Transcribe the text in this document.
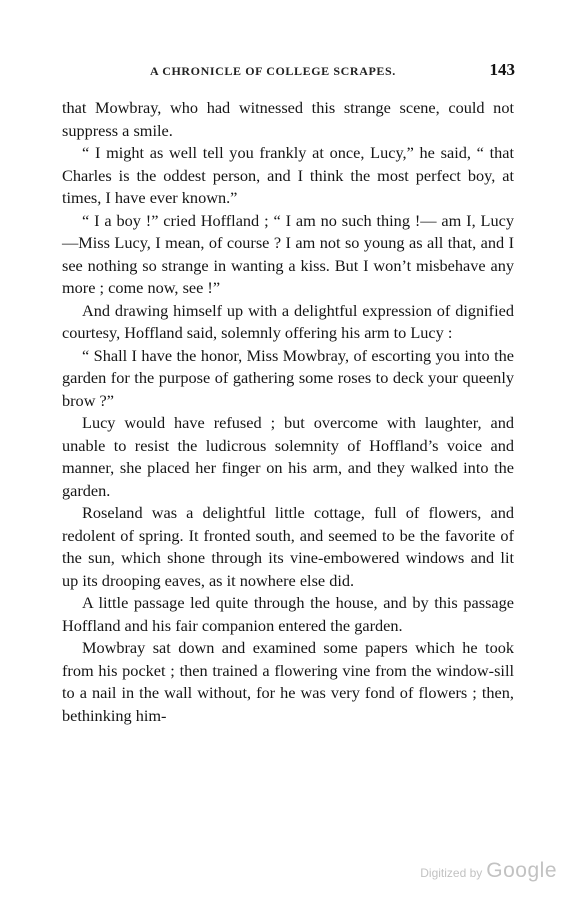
A CHRONICLE OF COLLEGE SCRAPES.	143

that Mowbray, who had witnessed this strange scene, could not suppress a smile.

“ I might as well tell you frankly at once, Lucy,” he said, “ that Charles is the oddest person, and I think the most perfect boy, at times, I have ever known.”

“ I a boy !” cried Hoffland ; “ I am no such thing !— am I, Lucy—Miss Lucy, I mean, of course ? I am not so young as all that, and I see nothing so strange in wanting a kiss. But I won’t misbehave any more ; come now, see !”

And drawing himself up with a delightful expression of dignified courtesy, Hoffland said, solemnly offering his arm to Lucy :

“ Shall I have the honor, Miss Mowbray, of escorting you into the garden for the purpose of gathering some roses to deck your queenly brow ?”

Lucy would have refused ; but overcome with laughter, and unable to resist the ludicrous solemnity of Hoffland’s voice and manner, she placed her finger on his arm, and they walked into the garden.

Roseland was a delightful little cottage, full of flowers, and redolent of spring. It fronted south, and seemed to be the favorite of the sun, which shone through its vine-embowered windows and lit up its drooping eaves, as it nowhere else did.

A little passage led quite through the house, and by this passage Hoffland and his fair companion entered the garden.

Mowbray sat down and examined some papers which he took from his pocket ; then trained a flowering vine from the window-sill to a nail in the wall without, for he was very fond of flowers ; then, bethinking him-

Digitized by Google
